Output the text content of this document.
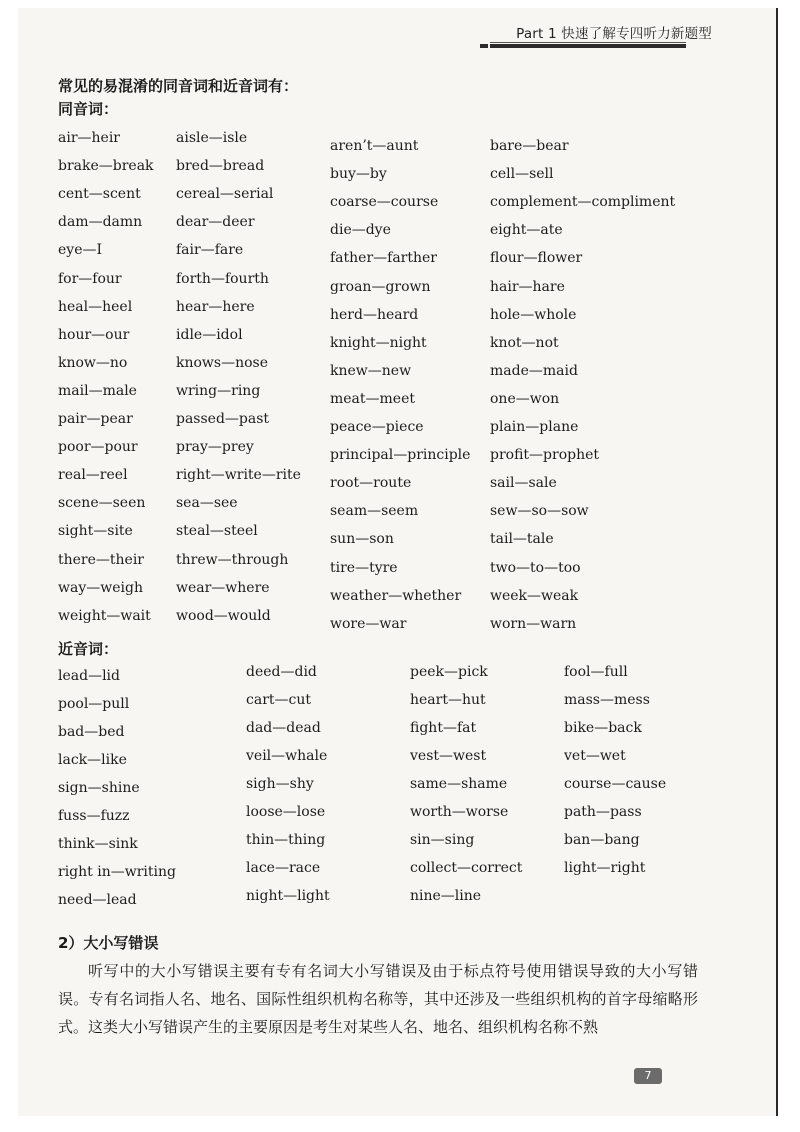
Part 1 快速了解专四听力新题型
常见的易混淆的同音词和近音词有：
同音词：
air—heir
brake—break
cent—scent
dam—damn
eye—I
for—four
heal—heel
hour—our
know—no
mail—male
pair—pear
poor—pour
real—reel
scene—seen
sight—site
there—their
way—weigh
weight—wait
aisle—isle
bred—bread
cereal—serial
dear—deer
fair—fare
forth—fourth
hear—here
idle—idol
knows—nose
wring—ring
passed—past
pray—prey
right—write—rite
sea—see
steal—steel
threw—through
wear—where
wood—would
aren’t—aunt
buy—by
coarse—course
die—dye
father—farther
groan—grown
herd—heard
knight—night
knew—new
meat—meet
peace—piece
principal—principle
root—route
seam—seem
sun—son
tire—tyre
weather—whether
wore—war
bare—bear
cell—sell
complement—compliment
eight—ate
flour—flower
hair—hare
hole—whole
knot—not
made—maid
one—won
plain—plane
profit—prophet
sail—sale
sew—so—sow
tail—tale
two—to—too
week—weak
worn—warn
近音词：
lead—lid
pool—pull
bad—bed
lack—like
sign—shine
fuss—fuzz
think—sink
right in—writing
need—lead
deed—did
cart—cut
dad—dead
veil—whale
sigh—shy
loose—lose
thin—thing
lace—race
night—light
peek—pick
heart—hut
fight—fat
vest—west
same—shame
worth—worse
sin—sing
collect—correct
nine—line
fool—full
mass—mess
bike—back
vet—wet
course—cause
path—pass
ban—bang
light—right
2）大小写错误
听写中的大小写错误主要有专有名词大小写错误及由于标点符号使用错误导致的大小写错误。专有名词指人名、地名、国际性组织机构名称等，其中还涉及一些组织机构的首字母缩略形式。这类大小写错误产生的主要原因是考生对某些人名、地名、组织机构名称不熟
7
